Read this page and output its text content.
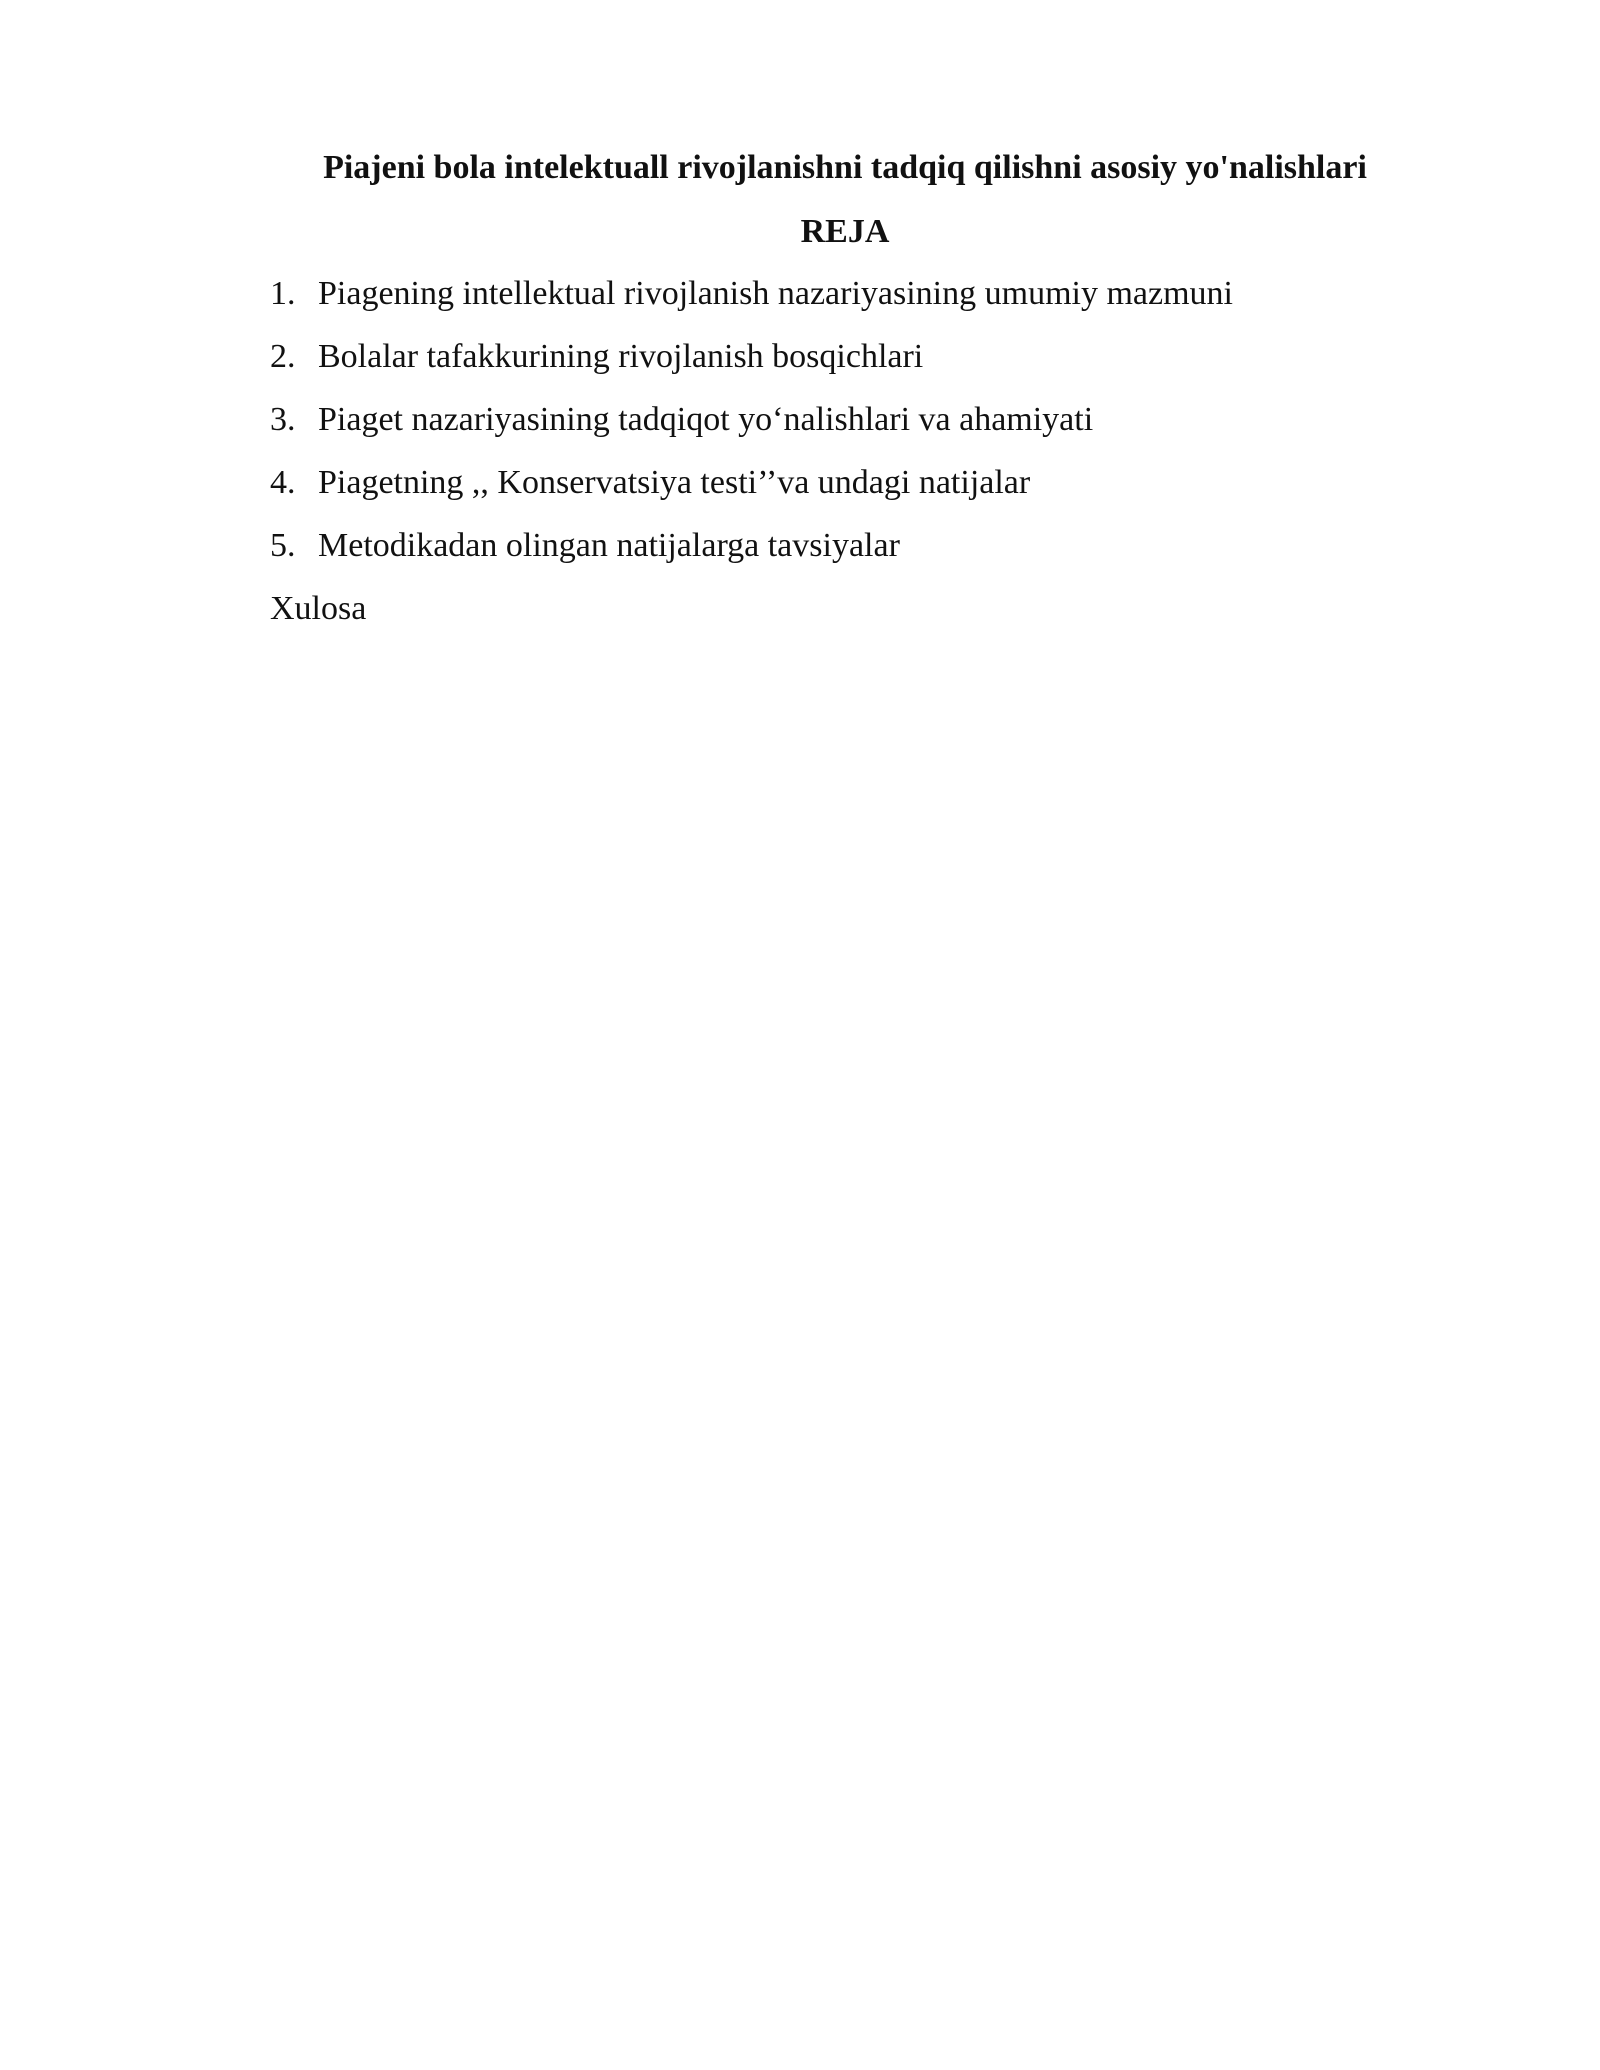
Piajeni bola intelektuall rivojlanishni tadqiq qilishni asosiy yo'nalishlari
REJA
1. Piagening intellektual rivojlanish nazariyasining umumiy mazmuni
2. Bolalar tafakkurining rivojlanish bosqichlari
3. Piaget nazariyasining tadqiqot yo‘nalishlari va ahamiyati
4. Piagetning ,, Konservatsiya testi’’va undagi natijalar
5. Metodikadan olingan natijalarga tavsiyalar
Xulosa
